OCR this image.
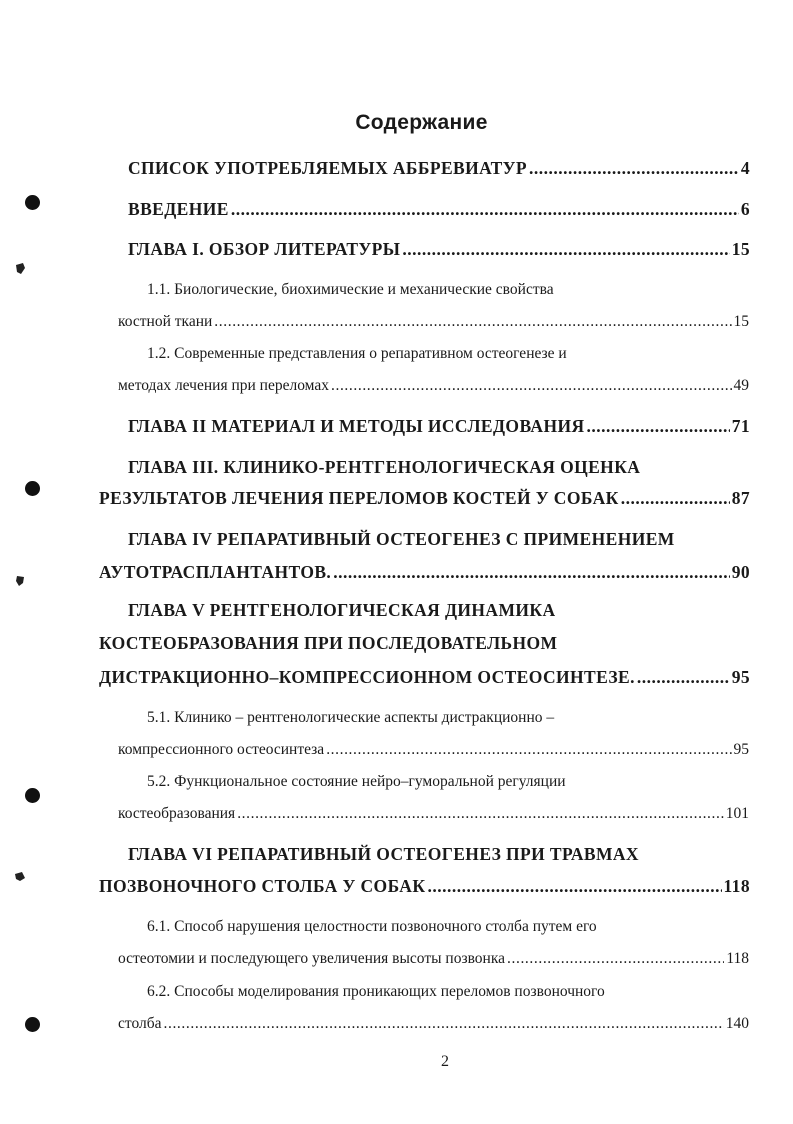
Содержание
СПИСОК УПОТРЕБЛЯЕМЫХ АББРЕВИАТУР .....	4
ВВЕДЕНИЕ .....	6
ГЛАВА I. ОБЗОР ЛИТЕРАТУРЫ .....	15
1.1. Биологические, биохимические и механические свойства
костной ткани .....	15
1.2. Современные представления о репаративном остеогенезе и
методах лечения при переломах .....	49
ГЛАВА II МАТЕРИАЛ И МЕТОДЫ ИССЛЕДОВАНИЯ .....	71
ГЛАВА III. КЛИНИКО-РЕНТГЕНОЛОГИЧЕСКАЯ ОЦЕНКА
РЕЗУЛЬТАТОВ ЛЕЧЕНИЯ ПЕРЕЛОМОВ КОСТЕЙ У СОБАК .....	87
ГЛАВА IV РЕПАРАТИВНЫЙ ОСТЕОГЕНЕЗ С ПРИМЕНЕНИЕМ
АУТОТРАСПЛАНТАНТОВ. .....	90
ГЛАВА V РЕНТГЕНОЛОГИЧЕСКАЯ ДИНАМИКА
КОСТЕОБРАЗОВАНИЯ ПРИ ПОСЛЕДОВАТЕЛЬНОМ
ДИСТРАКЦИОННО–КОМПРЕССИОННОМ ОСТЕОСИНТЕЗЕ. .....	95
5.1. Клинико – рентгенологические аспекты дистракционно –
компрессионного остеосинтеза .....	95
5.2. Функциональное состояние нейро–гуморальной регуляции
костеобразования .....	101
ГЛАВА VI РЕПАРАТИВНЫЙ ОСТЕОГЕНЕЗ ПРИ ТРАВМАХ
ПОЗВОНОЧНОГО СТОЛБА У СОБАК .....	118
6.1. Способ нарушения целостности позвоночного столба путем его
остеотомии и последующего увеличения высоты позвонка .....	118
6.2. Способы моделирования проникающих переломов позвоночного
столба .....	140
2
